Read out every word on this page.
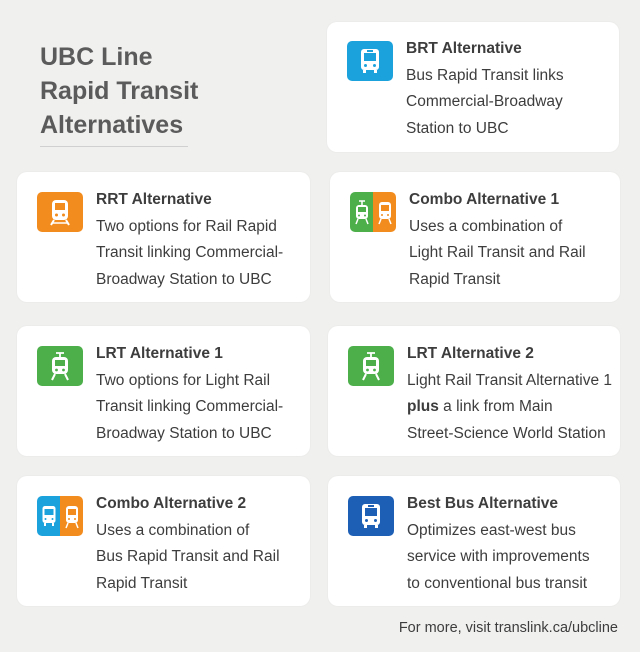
UBC Line
Rapid Transit
Alternatives
BRT Alternative
Bus Rapid Transit links
Commercial-Broadway
Station to UBC
RRT Alternative
Two options for Rail Rapid
Transit linking Commercial-
Broadway Station to UBC
Combo Alternative 1
Uses a combination of
Light Rail Transit and Rail
Rapid Transit
LRT Alternative 1
Two options for Light Rail
Transit linking Commercial-
Broadway Station to UBC
LRT Alternative 2
Light Rail Transit Alternative 1
plus a link from Main
Street-Science World Station
Combo Alternative 2
Uses a combination of
Bus Rapid Transit and Rail
Rapid Transit
Best Bus Alternative
Optimizes east-west bus
service with improvements
to conventional bus transit
For more, visit translink.ca/ubcline
